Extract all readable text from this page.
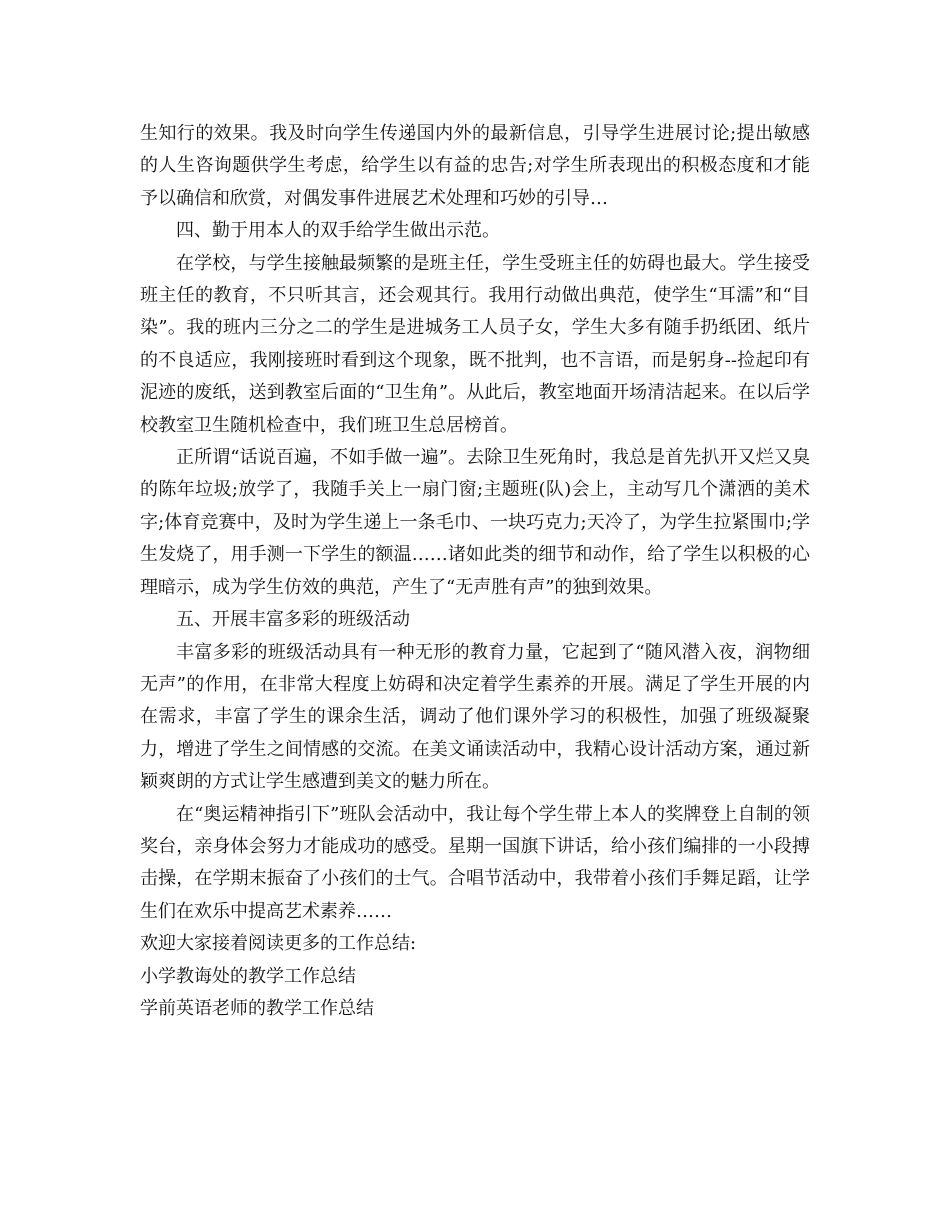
生知行的效果。我及时向学生传递国内外的最新信息，引导学生进展讨论;提出敏感的人生咨询题供学生考虑，给学生以有益的忠告;对学生所表现出的积极态度和才能予以确信和欣赏，对偶发事件进展艺术处理和巧妙的引导…

四、勤于用本人的双手给学生做出示范。

在学校，与学生接触最频繁的是班主任，学生受班主任的妨碍也最大。学生接受班主任的教育，不只听其言，还会观其行。我用行动做出典范，使学生“耳濡”和“目染”。我的班内三分之二的学生是进城务工人员子女，学生大多有随手扔纸团、纸片的不良适应，我刚接班时看到这个现象，既不批判，也不言语，而是躬身--捡起印有泥迹的废纸，送到教室后面的“卫生角”。从此后，教室地面开场清洁起来。在以后学校教室卫生随机检查中，我们班卫生总居榜首。

正所谓“话说百遍，不如手做一遍”。去除卫生死角时，我总是首先扒开又烂又臭的陈年垃圾;放学了，我随手关上一扇门窗;主题班(队)会上，主动写几个潇洒的美术字;体育竞赛中，及时为学生递上一条毛巾、一块巧克力;天冷了，为学生拉紧围巾;学生发烧了，用手测一下学生的额温……诸如此类的细节和动作，给了学生以积极的心理暗示，成为学生仿效的典范，产生了“无声胜有声”的独到效果。

五、开展丰富多彩的班级活动

丰富多彩的班级活动具有一种无形的教育力量，它起到了“随风潜入夜，润物细无声”的作用，在非常大程度上妨碍和决定着学生素养的开展。满足了学生开展的内在需求，丰富了学生的课余生活，调动了他们课外学习的积极性，加强了班级凝聚力，增进了学生之间情感的交流。在美文诵读活动中，我精心设计活动方案，通过新颖爽朗的方式让学生感遭到美文的魅力所在。

在“奥运精神指引下”班队会活动中，我让每个学生带上本人的奖牌登上自制的领奖台，亲身体会努力才能成功的感受。星期一国旗下讲话，给小孩们编排的一小段搏击操，在学期末振奋了小孩们的士气。合唱节活动中，我带着小孩们手舞足蹈，让学生们在欢乐中提高艺术素养……

欢迎大家接着阅读更多的工作总结:

小学教诲处的教学工作总结

学前英语老师的教学工作总结
